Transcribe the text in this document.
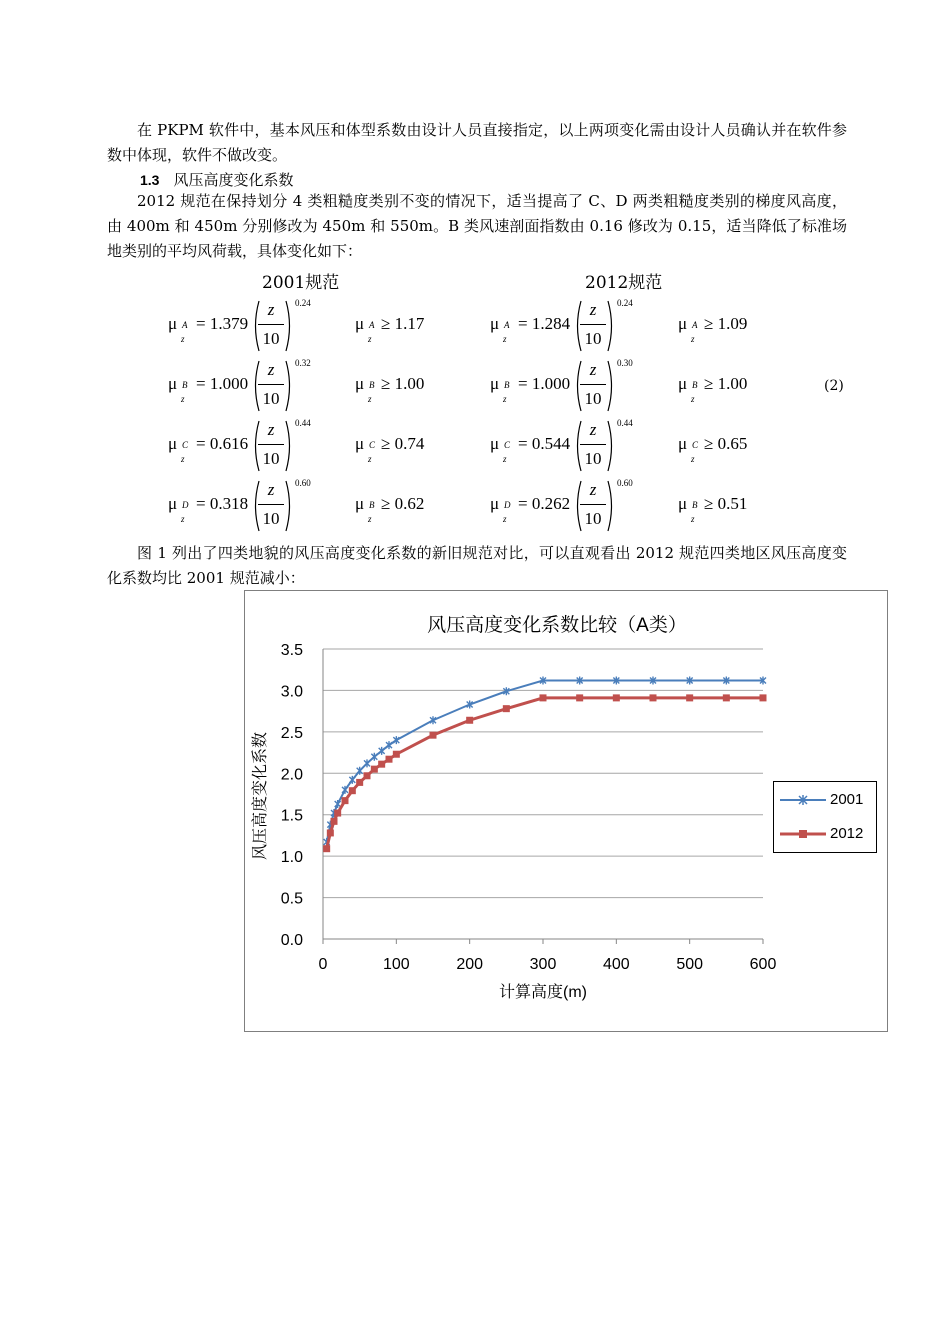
在 PKPM 软件中，基本风压和体型系数由设计人员直接指定，以上两项变化需由设计人员确认并在软件参数中体现，软件不做改变。
1.3 风压高度变化系数
2012 规范在保持划分 4 类粗糙度类别不变的情况下，适当提高了 C、D 两类粗糙度类别的梯度风高度，由 400m 和 450m 分别修改为 450m 和 550m。B 类风速剖面指数由 0.16 修改为 0.15，适当降低了标准场地类别的平均风荷载，具体变化如下：
2001规范	2012规范
μ A
z
= 1.379
z
10
0.24
μ A
z
≥ 1.17	μ A
z
= 1.284
z
10
0.24
μ A
z
≥ 1.09
μ B
z
= 1.000
z
10
0.32
μ B
z
≥ 1.00	μ B
z
= 1.000
z
10
0.30
μ B
z
≥ 1.00
μ C
z
= 0.616
z
10
0.44
μ C
z
≥ 0.74	μ C
z
= 0.544
z
10
0.44
μ C
z
≥ 0.65
μ D
z
= 0.318
z
10
0.60
μ B
z
≥ 0.62	μ D
z
= 0.262
z
10
0.60
μ B
z
≥ 0.51
(2)
图 1 列出了四类地貌的风压高度变化系数的新旧规范对比，可以直观看出 2012 规范四类地区风压高度变化系数均比 2001 规范减小：
风压高度变化系数比较（A类）
0.0
0.5
1.0
1.5
2.0
2.5
3.0
3.5
0	100	200	300	400	500	600
计算高度(m)
风压高度变化系数	2001
2012
